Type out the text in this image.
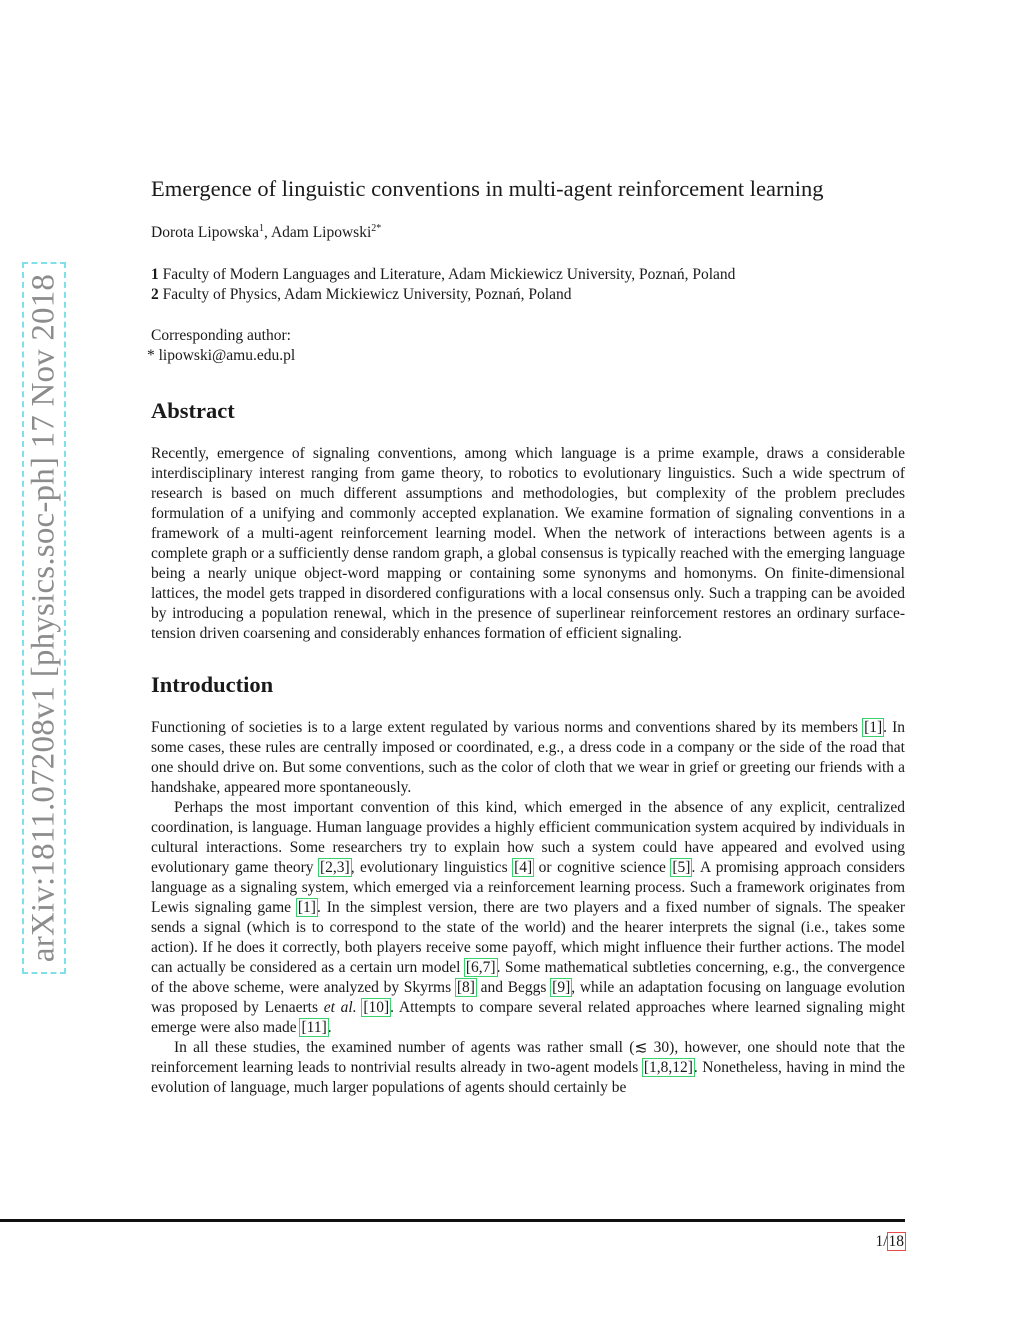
arXiv:1811.07208v1 [physics.soc-ph] 17 Nov 2018
Emergence of linguistic conventions in multi-agent reinforcement learning

Dorota Lipowska$^1$, Adam Lipowski$^{2*}$

1 Faculty of Modern Languages and Literature, Adam Mickiewicz University, Poznań, Poland

2 Faculty of Physics, Adam Mickiewicz University, Poznań, Poland

Corresponding author:
* lipowski@amu.edu.pl
Abstract

Recently, emergence of signaling conventions, among which language is a prime example, draws a considerable interdisciplinary interest ranging from game theory, to robotics to evolutionary linguistics. Such a wide spectrum of research is based on much different assumptions and methodologies, but complexity of the problem precludes formulation of a unifying and commonly accepted explanation. We examine formation of signaling conventions in a framework of a multi-agent reinforcement learning model. When the network of interactions between agents is a complete graph or a sufficiently dense random graph, a global consensus is typically reached with the emerging language being a nearly unique object-word mapping or containing some synonyms and homonyms. On finite-dimensional lattices, the model gets trapped in disordered configurations with a local consensus only. Such a trapping can be avoided by introducing a population renewal, which in the presence of superlinear reinforcement restores an ordinary surface-tension driven coarsening and considerably enhances formation of efficient signaling.

Introduction

Functioning of societies is to a large extent regulated by various norms and conventions shared by its members [1]. In some cases, these rules are centrally imposed or coordinated, e.g., a dress code in a company or the side of the road that one should drive on. But some conventions, such as the color of cloth that we wear in grief or greeting our friends with a handshake, appeared more spontaneously.

Perhaps the most important convention of this kind, which emerged in the absence of any explicit, centralized coordination, is language. Human language provides a highly efficient communication system acquired by individuals in cultural interactions. Some researchers try to explain how such a system could have appeared and evolved using evolutionary game theory [2,3], evolutionary linguistics [4] or cognitive science [5]. A promising approach considers language as a signaling system, which emerged via a reinforcement learning process. Such a framework originates from Lewis signaling game [1]. In the simplest version, there are two players and a fixed number of signals. The speaker sends a signal (which is to correspond to the state of the world) and the hearer interprets the signal (i.e., takes some action). If he does it correctly, both players receive some payoff, which might influence their further actions. The model can actually be considered as a certain urn model [6,7]. Some mathematical subtleties concerning, e.g., the convergence of the above scheme, were analyzed by Skyrms [8] and Beggs [9], while an adaptation focusing on language evolution was proposed by Lenaerts et al. [10]. Attempts to compare several related approaches where learned signaling might emerge were also made [11].

In all these studies, the examined number of agents was rather small (≲ 30), however, one should note that the reinforcement learning leads to nontrivial results already in two-agent models [1,8,12]. Nonetheless, having in mind the evolution of language, much larger populations of agents should certainly be

1/18
